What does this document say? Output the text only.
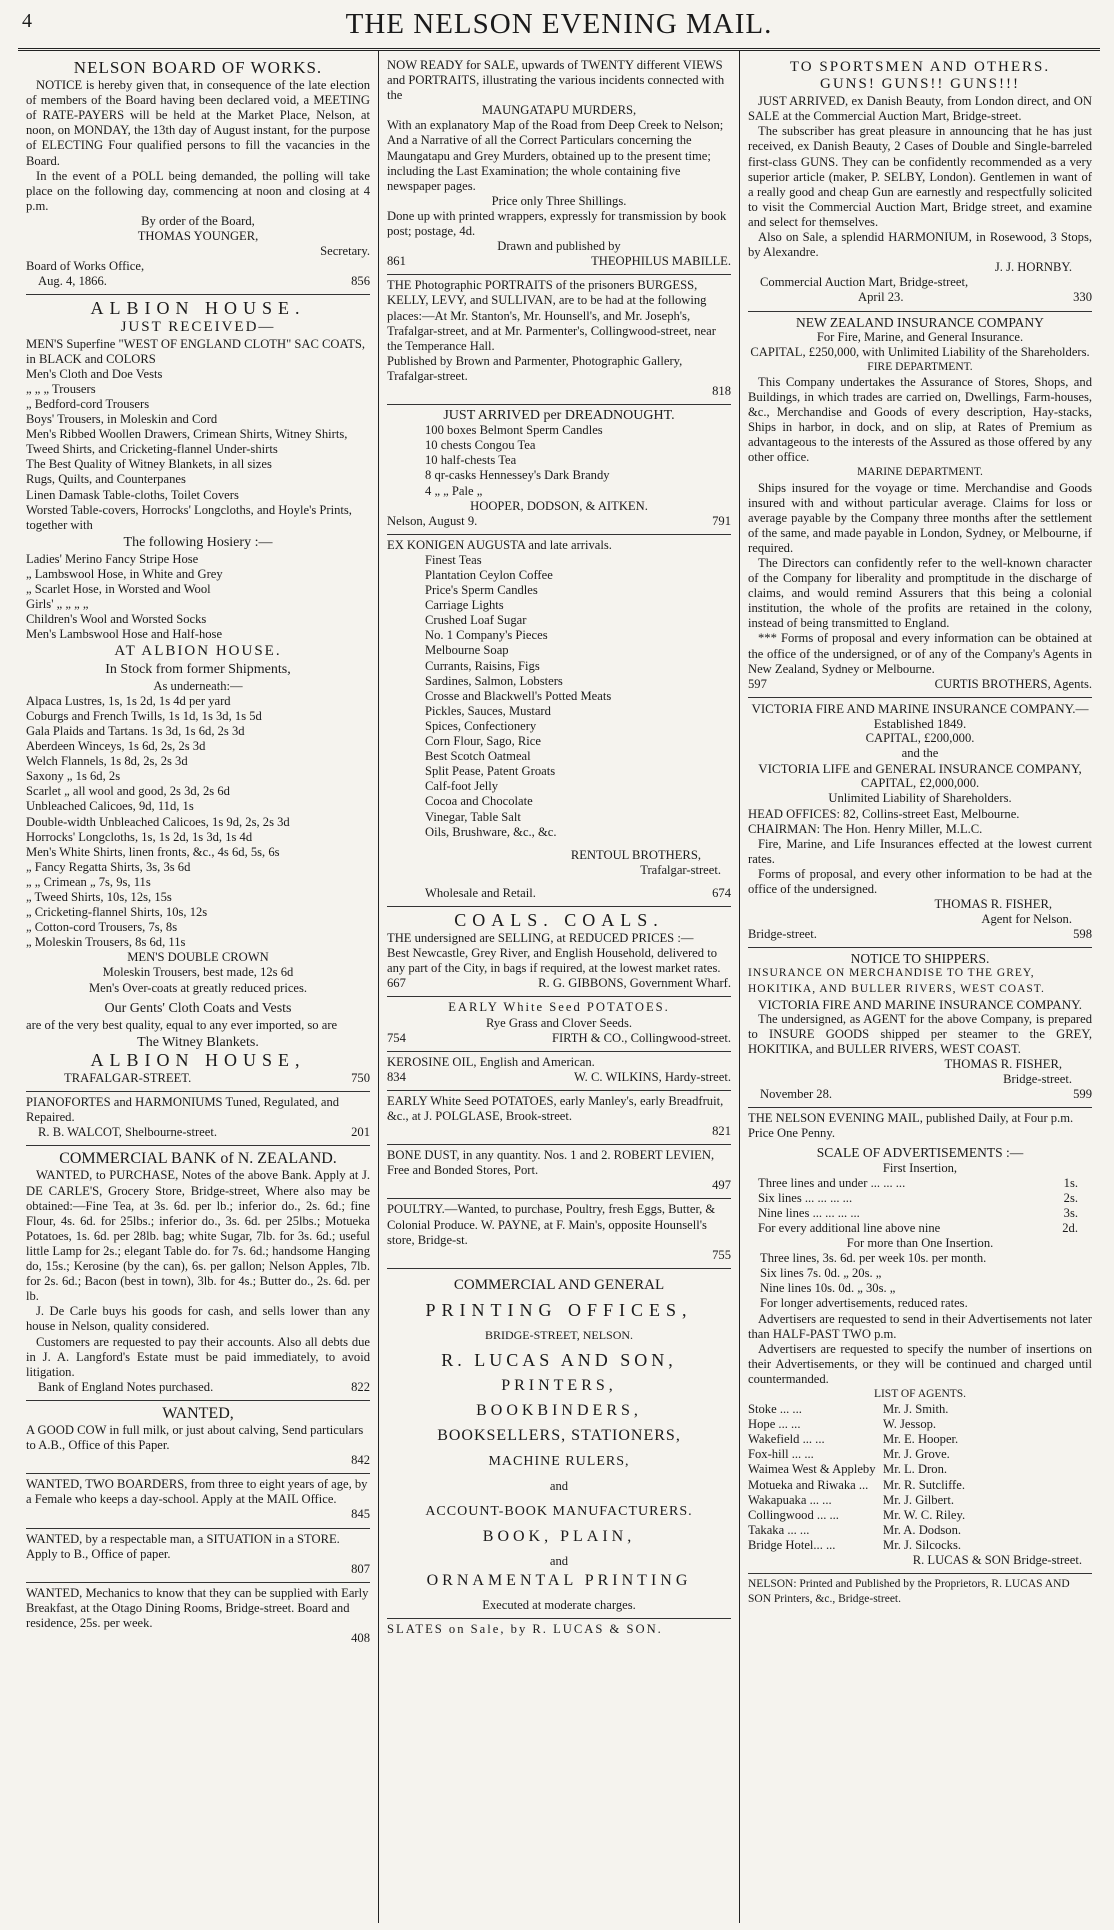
4	THE NELSON EVENING MAIL.
NELSON BOARD OF WORKS.

NOTICE is hereby given that, in consequence of the late election of members of the Board having been declared void, a MEETING of RATE-PAYERS will be held at the Market Place, Nelson, at noon, on MONDAY, the 13th day of August instant, for the purpose of ELECTING Four qualified persons to fill the vacancies in the Board.

In the event of a POLL being demanded, the polling will take place on the following day, commencing at noon and closing at 4 p.m.

By order of the Board,
THOMAS YOUNGER,
Secretary.
Board of Works Office,
Aug. 4, 1866.	856
ALBION HOUSE.
JUST RECEIVED—
MEN'S Superfine "WEST OF ENGLAND CLOTH" SAC COATS, in BLACK and COLORS
Men's Cloth and Doe Vests
„ „ „ Trousers
„ Bedford-cord Trousers
Boys' Trousers, in Moleskin and Cord
Men's Ribbed Woollen Drawers, Crimean Shirts, Witney Shirts, Tweed Shirts, and Cricketing-flannel Under-shirts
The Best Quality of Witney Blankets, in all sizes
Rugs, Quilts, and Counterpanes
Linen Damask Table-cloths, Toilet Covers
Worsted Table-covers, Horrocks' Longcloths, and Hoyle's Prints, together with
The following Hosiery :—
Ladies' Merino Fancy Stripe Hose
„ Lambswool Hose, in White and Grey
„ Scarlet Hose, in Worsted and Wool
Girls' „ „ „ „
Children's Wool and Worsted Socks
Men's Lambswool Hose and Half-hose
AT ALBION HOUSE.
In Stock from former Shipments,
As underneath:—
Alpaca Lustres, 1s, 1s 2d, 1s 4d per yard
Coburgs and French Twills, 1s 1d, 1s 3d, 1s 5d
Gala Plaids and Tartans. 1s 3d, 1s 6d, 2s 3d
Aberdeen Winceys, 1s 6d, 2s, 2s 3d
Welch Flannels, 1s 8d, 2s, 2s 3d
Saxony „ 1s 6d, 2s
Scarlet „ all wool and good, 2s 3d, 2s 6d
Unbleached Calicoes, 9d, 11d, 1s
Double-width Unbleached Calicoes, 1s 9d, 2s, 2s 3d
Horrocks' Longcloths, 1s, 1s 2d, 1s 3d, 1s 4d
Men's White Shirts, linen fronts, &c., 4s 6d, 5s, 6s
„ Fancy Regatta Shirts, 3s, 3s 6d
„ „ Crimean „ 7s, 9s, 11s
„ Tweed Shirts, 10s, 12s, 15s
„ Cricketing-flannel Shirts, 10s, 12s
„ Cotton-cord Trousers, 7s, 8s
„ Moleskin Trousers, 8s 6d, 11s
MEN'S DOUBLE CROWN
Moleskin Trousers, best made, 12s 6d
Men's Over-coats at greatly reduced prices.
Our Gents' Cloth Coats and Vests
are of the very best quality, equal to any ever imported, so are
The Witney Blankets.
ALBION HOUSE,
TRAFALGAR-STREET.	750
PIANOFORTES and HARMONIUMS Tuned, Regulated, and Repaired.
R. B. WALCOT, Shelbourne-street.	201
COMMERCIAL BANK of N. ZEALAND.

WANTED, to PURCHASE, Notes of the above Bank. Apply at J. DE CARLE'S, Grocery Store, Bridge-street, Where also may be obtained:—Fine Tea, at 3s. 6d. per lb.; inferior do., 2s. 6d.; fine Flour, 4s. 6d. for 25lbs.; inferior do., 3s. 6d. per 25lbs.; Motueka Potatoes, 1s. 6d. per 28lb. bag; white Sugar, 7lb. for 3s. 6d.; useful little Lamp for 2s.; elegant Table do. for 7s. 6d.; handsome Hanging do, 15s.; Kerosine (by the can), 6s. per gallon; Nelson Apples, 7lb. for 2s. 6d.; Bacon (best in town), 3lb. for 4s.; Butter do., 2s. 6d. per lb.

J. De Carle buys his goods for cash, and sells lower than any house in Nelson, quality considered.

Customers are requested to pay their accounts. Also all debts due in J. A. Langford's Estate must be paid immediately, to avoid litigation.

Bank of England Notes purchased.	822
WANTED,
A GOOD COW in full milk, or just about calving, Send particulars to A.B., Office of this Paper.
842
WANTED, TWO BOARDERS, from three to eight years of age, by a Female who keeps a day-school. Apply at the MAIL Office.
845
WANTED, by a respectable man, a SITUATION in a STORE. Apply to B., Office of paper.
807
WANTED, Mechanics to know that they can be supplied with Early Breakfast, at the Otago Dining Rooms, Bridge-street. Board and residence, 25s. per week.
408
NOW READY for SALE, upwards of TWENTY different VIEWS and PORTRAITS, illustrating the various incidents connected with the
MAUNGATAPU MURDERS,
With an explanatory Map of the Road from Deep Creek to Nelson;
And a Narrative of all the Correct Particulars concerning the Maungatapu and Grey Murders, obtained up to the present time; including the Last Examination; the whole containing five newspaper pages.
Price only Three Shillings.
Done up with printed wrappers, expressly for transmission by book post; postage, 4d.
Drawn and published by
861	THEOPHILUS MABILLE.
THE Photographic PORTRAITS of the prisoners BURGESS, KELLY, LEVY, and SULLIVAN, are to be had at the following places:—At Mr. Stanton's, Mr. Hounsell's, and Mr. Joseph's, Trafalgar-street, and at Mr. Parmenter's, Collingwood-street, near the Temperance Hall.
Published by Brown and Parmenter, Photographic Gallery, Trafalgar-street.
818
JUST ARRIVED per DREADNOUGHT.
100 boxes Belmont Sperm Candles
10 chests Congou Tea
10 half-chests Tea
8 qr-casks Hennessey's Dark Brandy
4 „ „ Pale „
HOOPER, DODSON, & AITKEN.
Nelson, August 9.	791
EX KONIGEN AUGUSTA and late arrivals.
Finest Teas
Plantation Ceylon Coffee
Price's Sperm Candles
Carriage Lights
Crushed Loaf Sugar
No. 1 Company's Pieces
Melbourne Soap
Currants, Raisins, Figs
Sardines, Salmon, Lobsters
Crosse and Blackwell's Potted Meats
Pickles, Sauces, Mustard
Spices, Confectionery
Corn Flour, Sago, Rice
Best Scotch Oatmeal
Split Pease, Patent Groats
Calf-foot Jelly
Cocoa and Chocolate
Vinegar, Table Salt
Oils, Brushware, &c., &c.
RENTOUL BROTHERS,
Trafalgar-street.
Wholesale and Retail.	674
COALS. COALS.
THE undersigned are SELLING, at REDUCED PRICES :—
Best Newcastle, Grey River, and English Household, delivered to any part of the City, in bags if required, at the lowest market rates.
667	R. G. GIBBONS, Government Wharf.
EARLY White Seed POTATOES.
Rye Grass and Clover Seeds.
754	FIRTH & CO., Collingwood-street.
KEROSINE OIL, English and American.
834	W. C. WILKINS, Hardy-street.
EARLY White Seed POTATOES, early Manley's, early Breadfruit, &c., at J. POLGLASE, Brook-street.
821
BONE DUST, in any quantity. Nos. 1 and 2. ROBERT LEVIEN, Free and Bonded Stores, Port.
497
POULTRY.—Wanted, to purchase, Poultry, fresh Eggs, Butter, & Colonial Produce. W. PAYNE, at F. Main's, opposite Hounsell's store, Bridge-st.
755
COMMERCIAL AND GENERAL
PRINTING OFFICES,
BRIDGE-STREET, NELSON.
R. LUCAS AND SON,
PRINTERS,
BOOKBINDERS,
BOOKSELLERS, STATIONERS,
MACHINE RULERS,
and
ACCOUNT-BOOK MANUFACTURERS.
BOOK, PLAIN,
and
ORNAMENTAL PRINTING
Executed at moderate charges.
SLATES on Sale, by R. LUCAS & SON.
TO SPORTSMEN AND OTHERS.
GUNS! GUNS!! GUNS!!!

JUST ARRIVED, ex Danish Beauty, from London direct, and ON SALE at the Commercial Auction Mart, Bridge-street.

The subscriber has great pleasure in announcing that he has just received, ex Danish Beauty, 2 Cases of Double and Single-barreled first-class GUNS. They can be confidently recommended as a very superior article (maker, P. SELBY, London). Gentlemen in want of a really good and cheap Gun are earnestly and respectfully solicited to visit the Commercial Auction Mart, Bridge street, and examine and select for themselves.

Also on Sale, a splendid HARMONIUM, in Rosewood, 3 Stops, by Alexandre.

J. J. HORNBY.
Commercial Auction Mart, Bridge-street,
April 23.	330
NEW ZEALAND INSURANCE COMPANY
For Fire, Marine, and General Insurance.
CAPITAL, £250,000, with Unlimited Liability of the Shareholders.
FIRE DEPARTMENT.

This Company undertakes the Assurance of Stores, Shops, and Buildings, in which trades are carried on, Dwellings, Farm-houses, &c., Merchandise and Goods of every description, Hay-stacks, Ships in harbor, in dock, and on slip, at Rates of Premium as advantageous to the interests of the Assured as those offered by any other office.

MARINE DEPARTMENT.

Ships insured for the voyage or time. Merchandise and Goods insured with and without particular average. Claims for loss or average payable by the Company three months after the settlement of the same, and made payable in London, Sydney, or Melbourne, if required.

The Directors can confidently refer to the well-known character of the Company for liberality and promptitude in the discharge of claims, and would remind Assurers that this being a colonial institution, the whole of the profits are retained in the colony, instead of being transmitted to England.

*** Forms of proposal and every information can be obtained at the office of the undersigned, or of any of the Company's Agents in New Zealand, Sydney or Melbourne.

597	CURTIS BROTHERS, Agents.
VICTORIA FIRE AND MARINE INSURANCE COMPANY.—Established 1849.
CAPITAL, £200,000.
and the
VICTORIA LIFE and GENERAL INSURANCE COMPANY,
CAPITAL, £2,000,000.
Unlimited Liability of Shareholders.
HEAD OFFICES: 82, Collins-street East, Melbourne.
CHAIRMAN: The Hon. Henry Miller, M.L.C.

Fire, Marine, and Life Insurances effected at the lowest current rates.

Forms of proposal, and every other information to be had at the office of the undersigned.

THOMAS R. FISHER,
Agent for Nelson.
Bridge-street.	598
NOTICE TO SHIPPERS.
INSURANCE ON MERCHANDISE TO THE GREY, HOKITIKA, AND BULLER RIVERS, WEST COAST.
VICTORIA FIRE AND MARINE INSURANCE COMPANY.

The undersigned, as AGENT for the above Company, is prepared to INSURE GOODS shipped per steamer to the GREY, HOKITIKA, and BULLER RIVERS, WEST COAST.

THOMAS R. FISHER,
Bridge-street.
November 28.	599
THE NELSON EVENING MAIL, published Daily, at Four p.m. Price One Penny.
SCALE OF ADVERTISEMENTS :—
First Insertion,
Three lines and under ... ... ...	1s.
Six lines ... ... ... ...	2s.
Nine lines ... ... ... ...	3s.
For every additional line above nine	2d.
For more than One Insertion.
Three lines, 3s. 6d. per week 10s. per month.
Six lines 7s. 0d. „ 20s. „
Nine lines 10s. 0d. „ 30s. „
For longer advertisements, reduced rates.

Advertisers are requested to send in their Advertisements not later than HALF-PAST TWO p.m.

Advertisers are requested to specify the number of insertions on their Advertisements, or they will be continued and charged until countermanded.

LIST OF AGENTS.
Stoke ... ...	Mr. J. Smith.
Hope ... ...	W. Jessop.
Wakefield ... ...	Mr. E. Hooper.
Fox-hill ... ...	Mr. J. Grove.
Waimea West & Appleby Mr. L. Dron.
Motueka and Riwaka ...	Mr. R. Sutcliffe.
Wakapuaka ... ...	Mr. J. Gilbert.
Collingwood ... ...	Mr. W. C. Riley.
Takaka ... ...	Mr. A. Dodson.
Bridge Hotel... ...	Mr. J. Silcocks.
R. LUCAS & SON Bridge-street.
NELSON: Printed and Published by the Proprietors, R. LUCAS AND SON Printers, &c., Bridge-street.
